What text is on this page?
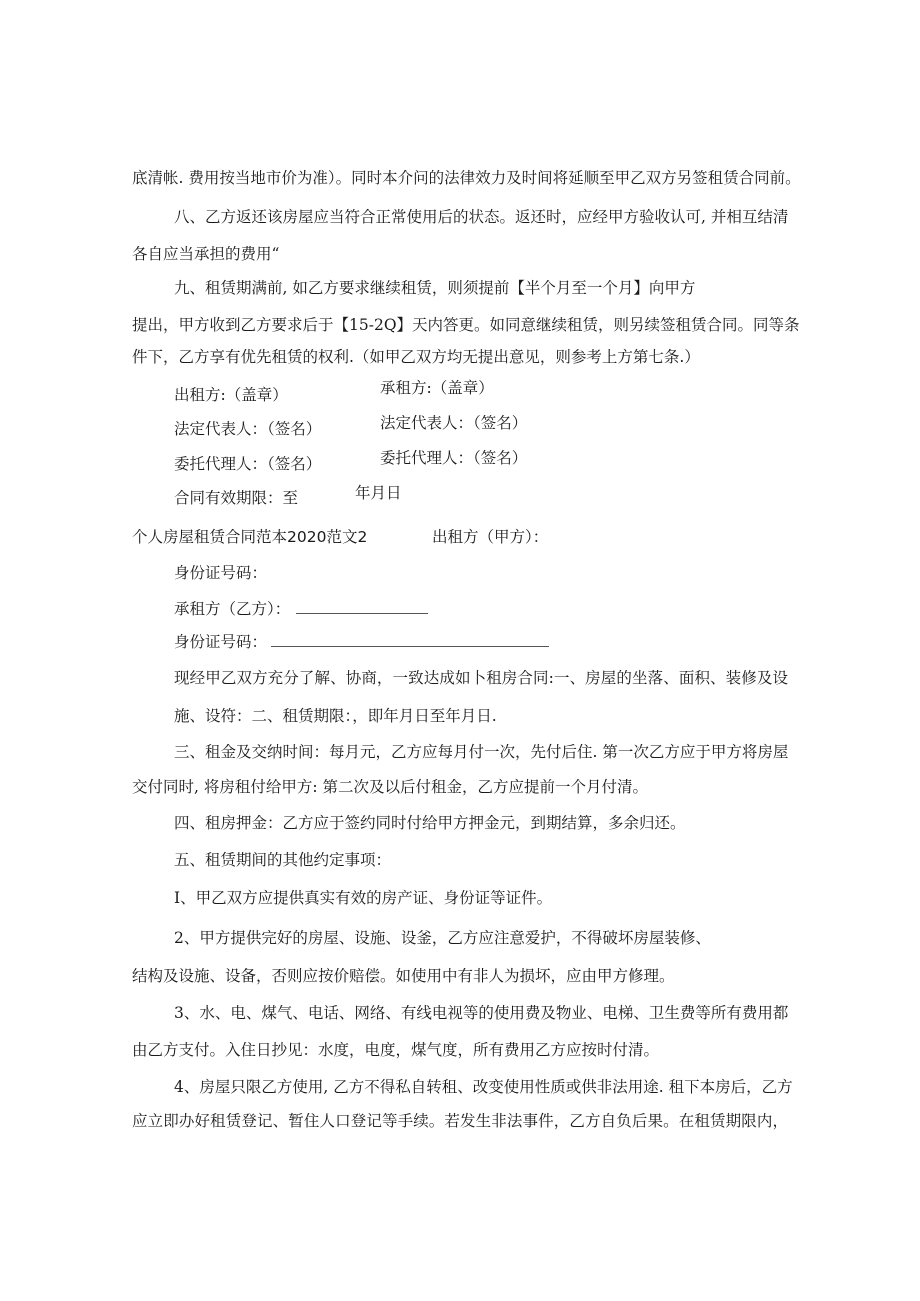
底清帐. 费用按当地市价为准）。同时本介问的法律效力及时间将延顺至甲乙双方另签租赁合同前。
八、乙方返还该房屋应当符合正常使用后的状态。返还时，应经甲方验收认可, 并相互结清
各自应当承担的费用“
九、租赁期满前, 如乙方要求继续租赁，则须提前【半个月至一个月】向甲方
提出，甲方收到乙方要求后于【15-2Q】天内答更。如同意继续租赁，则另续签租赁合同。同等条
件下，乙方享有优先租赁的权利.（如甲乙双方均无提出意见，则参考上方第七条.）
出租方:（盖章）	承租方:（盖章）
法定代表人：（签名）	法定代表人：（签名）
委托代理人：（签名）	委托代理人：（签名）
合同有效期限：至	年月日
个人房屋租赁合同范本2020范文2	出租方（甲方）：
身份证号码：
承租方（乙方）：
身份证号码：
现经甲乙双方充分了解、协商，一致达成如卜租房合同:一、房屋的坐落、面积、装修及设
施、设符：二、租赁期限：，即年月日至年月日.
三、租金及交纳时间：每月元，乙方应每月付一次，先付后住. 第一次乙方应于甲方将房屋
交付同时, 将房租付给甲方: 第二次及以后付租金，乙方应提前一个月付清。
四、租房押金：乙方应于签约同时付给甲方押金元，到期结算，多余归还。
五、租赁期间的其他约定事项：
I、甲乙双方应提供真实有效的房产证、身份证等证件。
2、甲方提供完好的房屋、设施、设釜，乙方应注意爱护，不得破坏房屋装修、
结构及设施、设备，否则应按价赔偿。如使用中有非人为损坏，应由甲方修理。
3、水、电、煤气、电话、网络、有线电视等的使用费及物业、电梯、卫生费等所有费用都
由乙方支付。入住日抄见：水度，电度，煤气度，所有费用乙方应按时付清。
4、房屋只限乙方使用, 乙方不得私自转租、改变使用性质或供非法用途. 租下本房后，乙方
应立即办好租赁登记、暂住人口登记等手续。若发生非法事件，乙方自负后果。在租赁期限内，
